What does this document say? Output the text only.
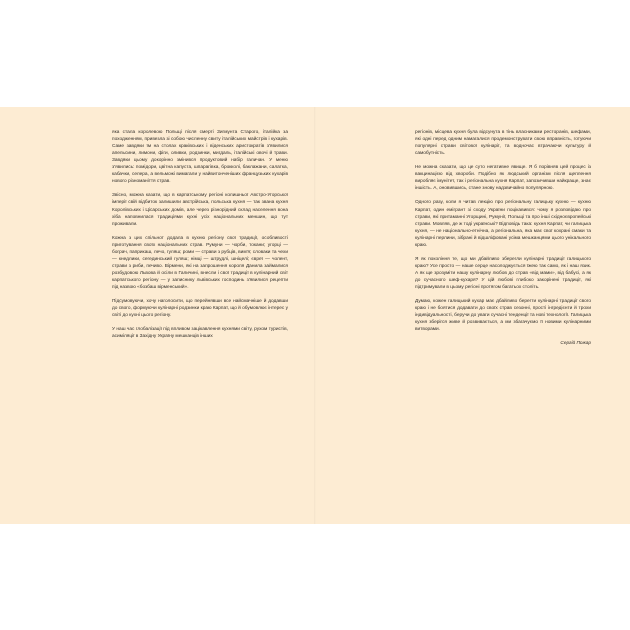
яка стала королевою Польщі після смерті Зигмунта Старого, італійка за походженням, привезла зі собою численну свиту італійських майстрів і кухарів. Саме завдяки їм на столах краківських і віденських аристократів з'явилися апельсини, лимони, фіги, оливки, родзинки, мигдаль, італійські овочі й трави. Завдяки цьому докорінно змінився продуктовий набір галичан. У меню з'явились: помідори, цвітна капуста, шпарагівка, брокколі, баклажани, салатка, кабачки, селера, а вельможі вимагали у найвитонченіших французьких кухарів нового різноманіття страв.

Звісно, можна казати, що в карпатському регіоні колишньої Австро-Угорської імперії свій відбиток залишили австрійська, польська кухня — так звана кухня Королівських і Цісарських домів, але через різнорідний склад населення вона хіба наповнилася традиціями кухні усіх національних меншин, що тут проживали.

Кожна з цих спільнот додала в кухню регіону свої традиції, особливості приготування своїх національних страв. Румуни — чорби, токани; угорці — бограч, паприкаш, лечо, гуляш; роми — страви з рубців, вим'я; словаки та чехи — кнедлики, сегединський гуляш; німці — штрудлі, шніцелі; євреї — чолент, страви з риби, печиво. Вірмени, які на запрошення короля Данила займалися розбудовою Львова й осіли в Галичині, внесли і свої традиції в кулінарний світ карпатського регіону — у записнику львівських господинь з'явилися рецепти під назвою «бозбаш вірменський».

Підсумовуючи, хочу наголосити, що перейнявши все найсмачніше й додавши до свого, формуючи кулінарні родзинки краю Карпат, що й обумовлює інтерес у світі до кухні цього регіону.

У наш час глобалізації під впливом зацікавлення кухнями світу, рухом туристів, асиміляції в Західну Україну мешканців інших

регіонів, місцева кухня була відсунута в тінь власниками ресторанів, шефами, які одні перед одним намагалися продемонструвати свою вправність, готуючи популярні страви світової кулінарії, та водночас втрачаючи культуру й самобутність.

Не можна сказати, що це суто негативне явище. Я б порівняв цей процес із вакцинацією від хвороби. Подібно як людський організм після щеплення виробляє імунітет, так і регіональна кухня Карпат, запозичивши найкраще, знає іншість. А, оновившись, стане знову надзвичайно популярною.

Одного разу, коли я читав лекцію про регіональну галицьку кухню — кухню Карпат, один емігрант зі сходу України поцікавився: чому я розповідаю про страви, які притаманні Угорщині, Румунії, Польщі та про інші східноєвропейські страви. Мовляв, де ж тоді українські? Відповідь така: кухня Карпат, чи галицька кухня, — не національно-етнічна, а регіональна, яка має свої кохрані смаки та кулінарні перлини, зібрані й відшліфовані усіма мешканцями цього унікального краю.

Я як покоління те, що ми дбайливо зберегли кулінарні традиції галицького краю? Усе просто — наше серце насолоджується їжею так само, як і наш язик. А як ще зрозуміти нашу кулінарну любов до страв «від мами», від бабусі, а як до сучасного шеф-кухаря? У цій любові глибоко закорінені традиції, які підтримували в цьому регіоні протягом багатьох століть.

Думаю, кожен галицький кухар має дбайливо берегти кулінарні традиції свого краю і не боятися додавати до своїх страв сезонні, прості інгредієнти й трохи індивідуальності, беручи до уваги сучасні тенденції та нові технології. Галицька кухня зберігся живе й розвивається, а ми збагачуємо її новими кулінарними витворами.

Сергій Пожар
